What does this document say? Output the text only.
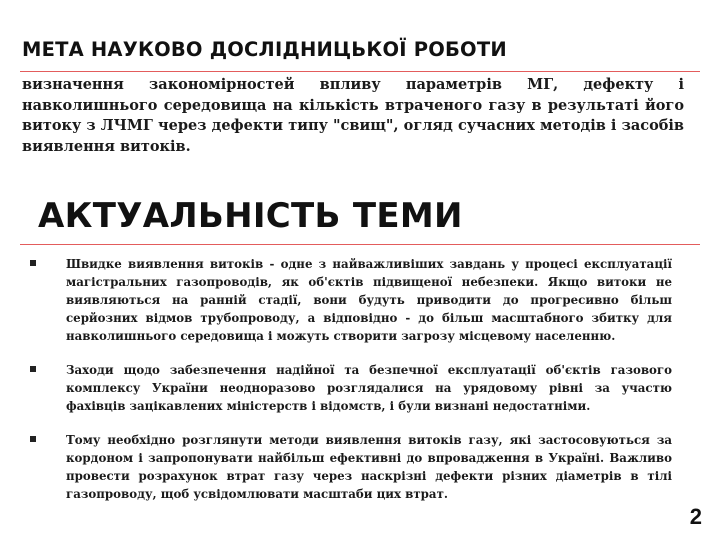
МЕТА НАУКОВО ДОСЛІДНИЦЬКОЇ РОБОТИ
визначення закономірностей впливу параметрів МГ, дефекту і навколишнього середовища на кількість втраченого газу в результаті його витоку з ЛЧМГ через дефекти типу "свищ", огляд сучасних методів і засобів виявлення витоків.
АКТУАЛЬНІСТЬ ТЕМИ
Швидке виявлення витоків - одне з найважливіших завдань у процесі експлуатації магістральних газопроводів, як об'єктів підвищеної небезпеки. Якщо витоки не виявляються на ранній стадії, вони будуть приводити до прогресивно більш серйозних відмов трубопроводу, а відповідно - до більш масштабного збитку для навколишнього середовища і можуть створити загрозу місцевому населенню.
Заходи щодо забезпечення надійної та безпечної експлуатації об'єктів газового комплексу України неодноразово розглядалися на урядовому рівні за участю фахівців зацікавлених міністерств і відомств, і були визнані недостатніми.
Тому необхідно розглянути методи виявлення витоків газу, які застосовуються за кордоном і запропонувати найбільш ефективні до впровадження в Україні. Важливо провести розрахунок втрат газу через наскрізні дефекти різних діаметрів в тілі газопроводу, щоб усвідомлювати масштаби цих втрат.
2
